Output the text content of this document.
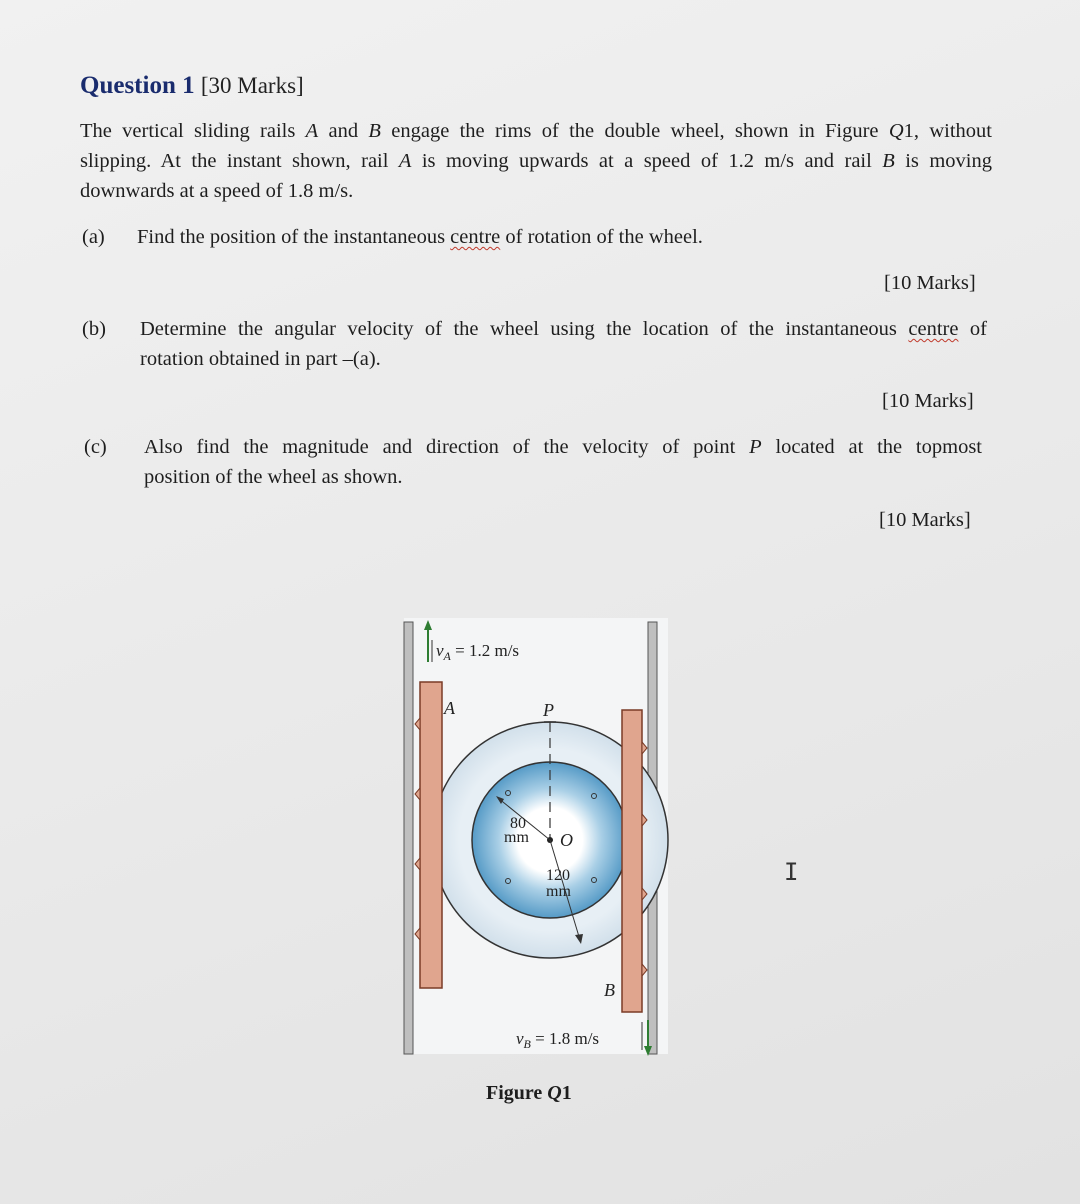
Question 1 [30 Marks]
The vertical sliding rails A and B engage the rims of the double wheel, shown in Figure Q1, without
slipping. At the instant shown, rail A is moving upwards at a speed of 1.2 m/s and rail B is moving
downwards at a speed of 1.8 m/s.
(a) Find the position of the instantaneous centre of rotation of the wheel.
[10 Marks]
(b) Determine the angular velocity of the wheel using the location of the instantaneous centre of
rotation obtained in part –(a).
[10 Marks]
(c) Also find the magnitude and direction of the velocity of point P located at the topmost
position of the wheel as shown.
[10 Marks]
$v_A = 1.2$ m/s
A	P
O
80
mm
120
mm
B
$v_B = 1.8$ m/s
Figure Q1
I
